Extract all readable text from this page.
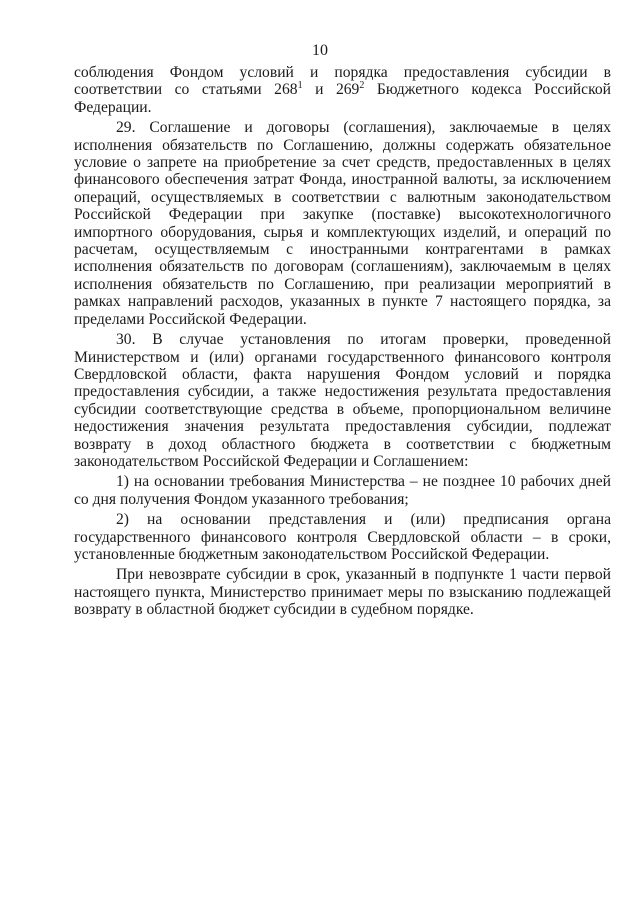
10

соблюдения Фондом условий и порядка предоставления субсидии в соответствии со статьями $268^1$ и $269^2$ Бюджетного кодекса Российской Федерации.

29. Соглашение и договоры (соглашения), заключаемые в целях исполнения обязательств по Соглашению, должны содержать обязательное условие о запрете на приобретение за счет средств, предоставленных в целях финансового обеспечения затрат Фонда, иностранной валюты, за исключением операций, осуществляемых в соответствии с валютным законодательством Российской Федерации при закупке (поставке) высокотехнологичного импортного оборудования, сырья и комплектующих изделий, и операций по расчетам, осуществляемым с иностранными контрагентами в рамках исполнения обязательств по договорам (соглашениям), заключаемым в целях исполнения обязательств по Соглашению, при реализации мероприятий в рамках направлений расходов, указанных в пункте 7 настоящего порядка, за пределами Российской Федерации.

30. В случае установления по итогам проверки, проведенной Министерством и (или) органами государственного финансового контроля Свердловской области, факта нарушения Фондом условий и порядка предоставления субсидии, а также недостижения результата предоставления субсидии соответствующие средства в объеме, пропорциональном величине недостижения значения результата предоставления субсидии, подлежат возврату в доход областного бюджета в соответствии с бюджетным законодательством Российской Федерации и Соглашением:

1) на основании требования Министерства – не позднее 10 рабочих дней со дня получения Фондом указанного требования;

2) на основании представления и (или) предписания органа государственного финансового контроля Свердловской области – в сроки, установленные бюджетным законодательством Российской Федерации.

При невозврате субсидии в срок, указанный в подпункте 1 части первой настоящего пункта, Министерство принимает меры по взысканию подлежащей возврату в областной бюджет субсидии в судебном порядке.
